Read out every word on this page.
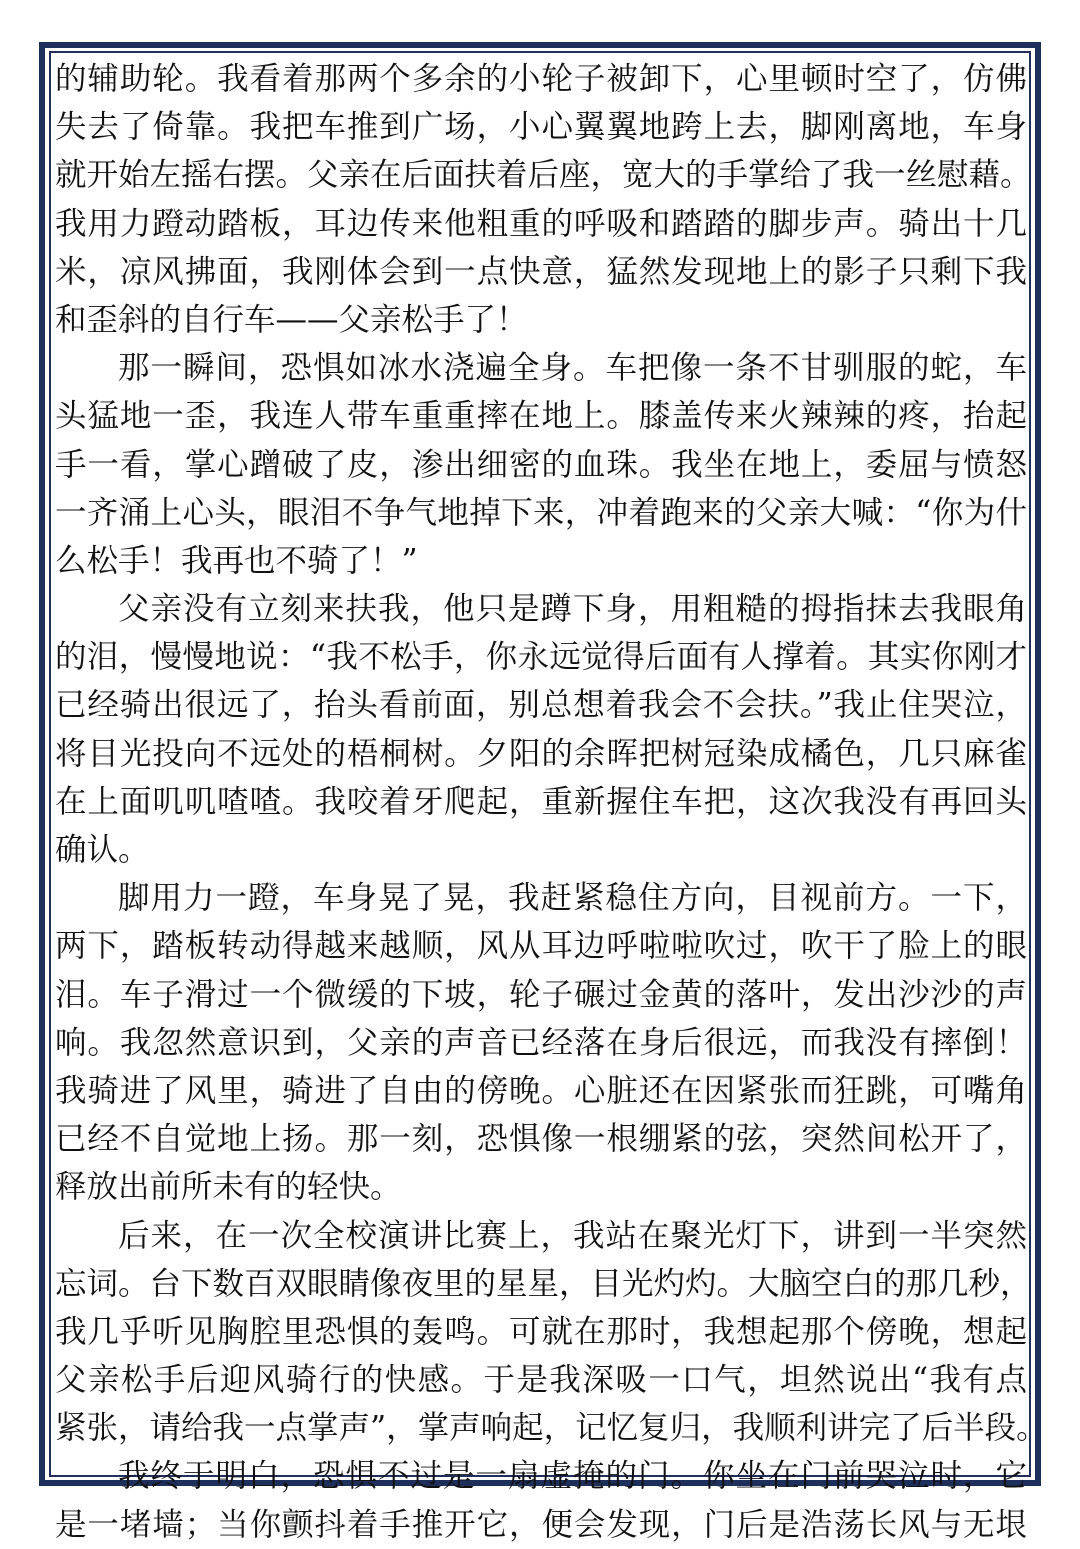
的辅助轮。我看着那两个多余的小轮子被卸下，心里顿时空了，仿佛
失去了倚靠。我把车推到广场，小心翼翼地跨上去，脚刚离地，车身
就开始左摇右摆。父亲在后面扶着后座，宽大的手掌给了我一丝慰藉。
我用力蹬动踏板，耳边传来他粗重的呼吸和踏踏的脚步声。骑出十几
米，凉风拂面，我刚体会到一点快意，猛然发现地上的影子只剩下我
和歪斜的自行车——父亲松手了！
那一瞬间，恐惧如冰水浇遍全身。车把像一条不甘驯服的蛇，车
头猛地一歪，我连人带车重重摔在地上。膝盖传来火辣辣的疼，抬起
手一看，掌心蹭破了皮，渗出细密的血珠。我坐在地上，委屈与愤怒
一齐涌上心头，眼泪不争气地掉下来，冲着跑来的父亲大喊：“你为什
么松手！我再也不骑了！”
父亲没有立刻来扶我，他只是蹲下身，用粗糙的拇指抹去我眼角
的泪，慢慢地说：“我不松手，你永远觉得后面有人撑着。其实你刚才
已经骑出很远了，抬头看前面，别总想着我会不会扶。”我止住哭泣，
将目光投向不远处的梧桐树。夕阳的余晖把树冠染成橘色，几只麻雀
在上面叽叽喳喳。我咬着牙爬起，重新握住车把，这次我没有再回头
确认。
脚用力一蹬，车身晃了晃，我赶紧稳住方向，目视前方。一下，
两下，踏板转动得越来越顺，风从耳边呼啦啦吹过，吹干了脸上的眼
泪。车子滑过一个微缓的下坡，轮子碾过金黄的落叶，发出沙沙的声
响。我忽然意识到，父亲的声音已经落在身后很远，而我没有摔倒！
我骑进了风里，骑进了自由的傍晚。心脏还在因紧张而狂跳，可嘴角
已经不自觉地上扬。那一刻，恐惧像一根绷紧的弦，突然间松开了，
释放出前所未有的轻快。
后来，在一次全校演讲比赛上，我站在聚光灯下，讲到一半突然
忘词。台下数百双眼睛像夜里的星星，目光灼灼。大脑空白的那几秒，
我几乎听见胸腔里恐惧的轰鸣。可就在那时，我想起那个傍晚，想起
父亲松手后迎风骑行的快感。于是我深吸一口气，坦然说出“我有点
紧张，请给我一点掌声”，掌声响起，记忆复归，我顺利讲完了后半段。
我终于明白，恐惧不过是一扇虚掩的门。你坐在门前哭泣时，它
是一堵墙；当你颤抖着手推开它，便会发现，门后是浩荡长风与无垠
